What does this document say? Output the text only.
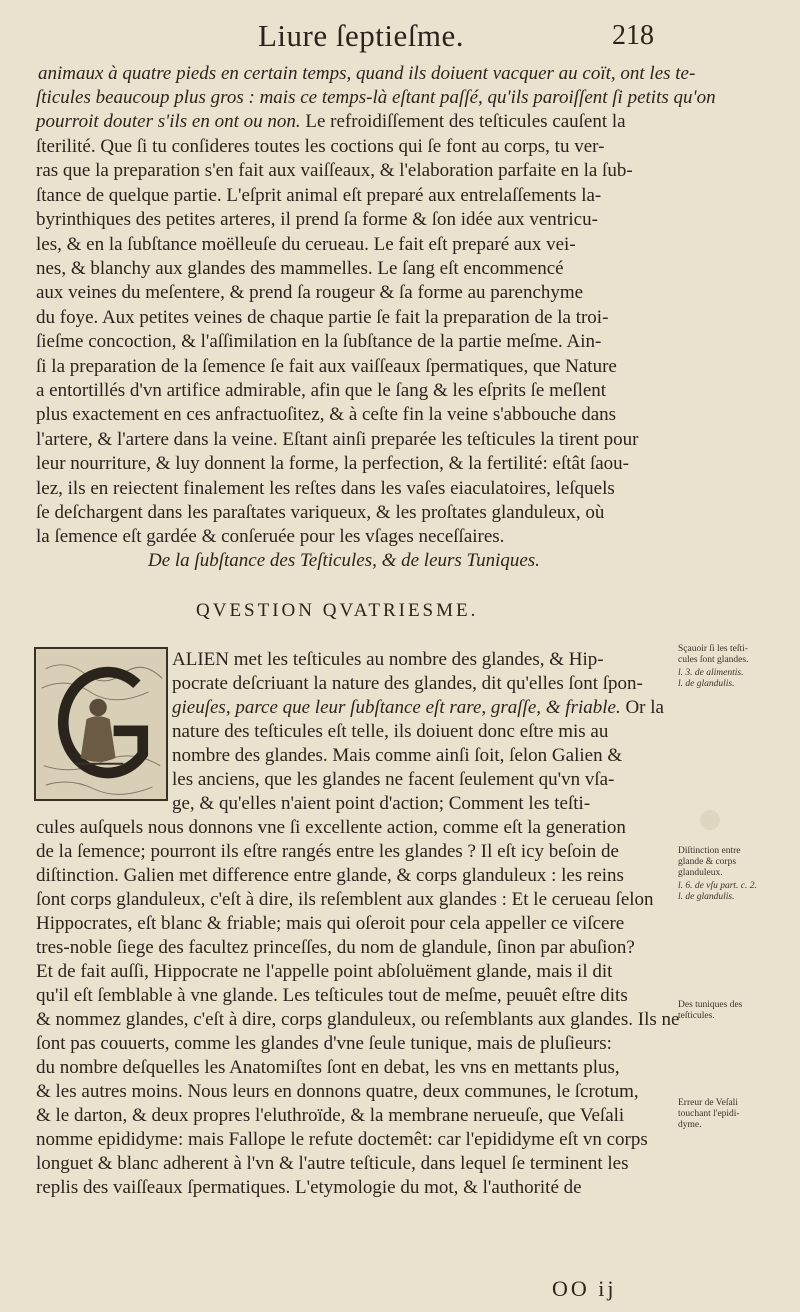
Liure ſeptieſme.	218
animaux à quatre pieds en certain temps, quand ils doiuent vacquer au coït, ont les te-
ſticules beaucoup plus gros : mais ce temps-là eſtant paſſé, qu'ils paroiſſent ſi petits qu'on
pourroit douter s'ils en ont ou non. Le refroidiſſement des teſticules cauſent la
ſterilité. Que ſi tu conſideres toutes les coctions qui ſe font au corps, tu ver-
ras que la preparation s'en fait aux vaiſſeaux, & l'elaboration parfaite en la ſub-
ſtance de quelque partie. L'eſprit animal eſt preparé aux entrelaſſements la-
byrinthiques des petites arteres, il prend ſa forme & ſon idée aux ventricu-
les, & en la ſubſtance moëlleuſe du cerueau. Le fait eſt preparé aux vei-
nes, & blanchy aux glandes des mammelles. Le ſang eſt encommencé
aux veines du meſentere, & prend ſa rougeur & ſa forme au parenchyme
du foye. Aux petites veines de chaque partie ſe fait la preparation de la troi-
ſieſme concoction, & l'aſſimilation en la ſubſtance de la partie meſme. Ain-
ſi la preparation de la ſemence ſe fait aux vaiſſeaux ſpermatiques, que Nature
a entortillés d'vn artifice admirable, afin que le ſang & les eſprits ſe meſlent
plus exactement en ces anfractuoſitez, & à ceſte fin la veine s'abbouche dans
l'artere, & l'artere dans la veine. Eſtant ainſi preparée les teſticules la tirent pour
leur nourriture, & luy donnent la forme, la perfection, & la fertilité: eſtât ſaou-
lez, ils en reiectent finalement les reſtes dans les vaſes eiaculatoires, leſquels
ſe deſchargent dans les paraſtates variqueux, & les proſtates glanduleux, où
la ſemence eſt gardée & conſeruée pour les vſages neceſſaires.
De la ſubſtance des Teſticules, & de leurs Tuniques.
QVESTION QVATRIESME.
ALIEN met les teſticules au nombre des glandes, & Hip-
pocrate deſcriuant la nature des glandes, dit qu'elles ſont ſpon-
gieuſes, parce que leur ſubſtance eſt rare, graſſe, & friable. Or la
nature des teſticules eſt telle, ils doiuent donc eſtre mis au
nombre des glandes. Mais comme ainſi ſoit, ſelon Galien &
les anciens, que les glandes ne facent ſeulement qu'vn vſa-
ge, & qu'elles n'aient point d'action; Comment les teſti-
cules auſquels nous donnons vne ſi excellente action, comme eſt la generation
de la ſemence; pourront ils eſtre rangés entre les glandes ? Il eſt icy beſoin de
diſtinction. Galien met difference entre glande, & corps glanduleux : les reins
ſont corps glanduleux, c'eſt à dire, ils reſemblent aux glandes : Et le cerueau ſelon
Hippocrates, eſt blanc & friable; mais qui oſeroit pour cela appeller ce viſcere
tres-noble ſiege des facultez princeſſes, du nom de glandule, ſinon par abuſion?
Et de fait auſſi, Hippocrate ne l'appelle point abſoluëment glande, mais il dit
qu'il eſt ſemblable à vne glande. Les teſticules tout de meſme, peuuêt eſtre dits
& nommez glandes, c'eſt à dire, corps glanduleux, ou reſemblants aux glandes. Ils ne
ſont pas couuerts, comme les glandes d'vne ſeule tunique, mais de pluſieurs:
du nombre deſquelles les Anatomiſtes ſont en debat, les vns en mettants plus,
& les autres moins. Nous leurs en donnons quatre, deux communes, le ſcrotum,
& le darton, & deux propres l'eluthroïde, & la membrane nerueuſe, que Veſali
nomme epididyme: mais Fallope le refute doctemêt: car l'epididyme eſt vn corps
longuet & blanc adherent à l'vn & l'autre teſticule, dans lequel ſe terminent les
replis des vaiſſeaux ſpermatiques. L'etymologie du mot, & l'authorité de
Sçauoir ſi les teſti-
cules ſont glandes.
l. 3. de alimentis.
l. de glandulis.
Diſtinction entre
glande & corps
glanduleux.
l. 6. de vſu part. c. 2.
l. de glandulis.
Des tuniques des
teſticules.
Erreur de Veſali
touchant l'epidi-
dyme.
OO ij
